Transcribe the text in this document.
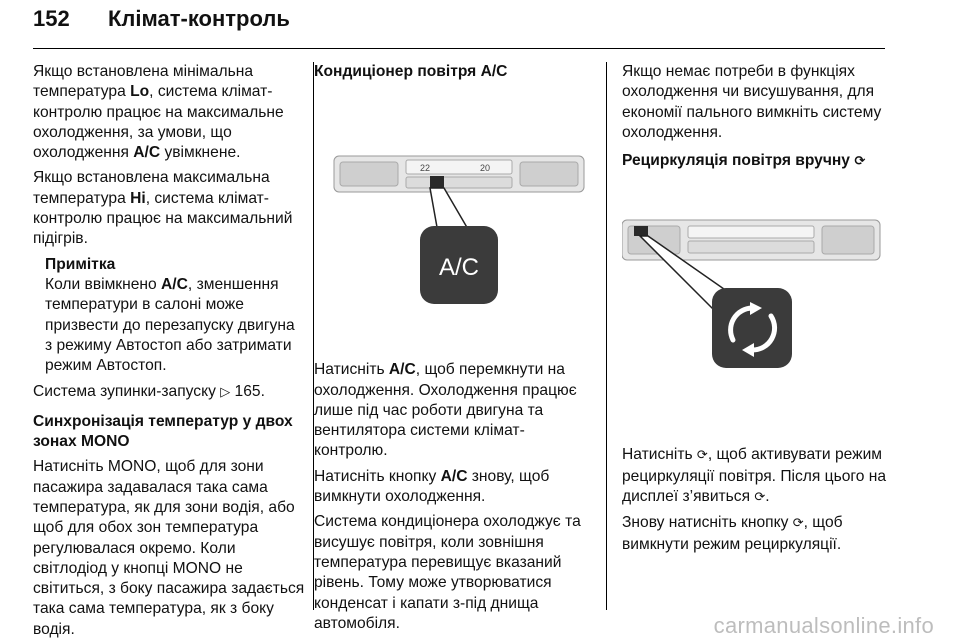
152 Клімат-контроль

Якщо встановлена мінімальна температура Lo, система клімат-контролю працює на максимальне охолодження, за умови, що охолодження A/C увімкнене.

Якщо встановлена максимальна температура Hi, система клімат-контролю працює на максимальний підігрів.

Примітка
Коли ввімкнено A/C, зменшення температури в салоні може призвести до перезапуску двигуна з режиму Автостоп або затримати режим Автостоп.

Система зупинки-запуску ▷ 165.

Синхронізація температур у двох зонах MONO

Натисніть MONO, щоб для зони пасажира задавалася така сама температура, як для зони водія, або щоб для обох зон температура регулювалася окремо. Коли світлодіод у кнопці MONO не світиться, з боку пасажира задається така сама температура, як з боку водія.

Кондиціонер повітря A/C

22	20
A/C

Натисніть A/C, щоб перемкнути на охолодження. Охолодження працює лише під час роботи двигуна та вентилятора системи клімат-контролю.

Натисніть кнопку A/C знову, щоб вимкнути охолодження.

Система кондиціонера охолоджує та висушує повітря, коли зовнішня температура перевищує вказаний рівень. Тому може утворюватися конденсат і капати з-під днища автомобіля.

Якщо немає потреби в функціях охолодження чи висушування, для економії пального вимкніть систему охолодження.

Рециркуляція повітря вручну ⟳

Натисніть ⟳, щоб активувати режим рециркуляції повітря. Після цього на дисплеї з’явиться ⟳.

Знову натисніть кнопку ⟳, щоб вимкнути режим рециркуляції.

carmanualsonline.info
